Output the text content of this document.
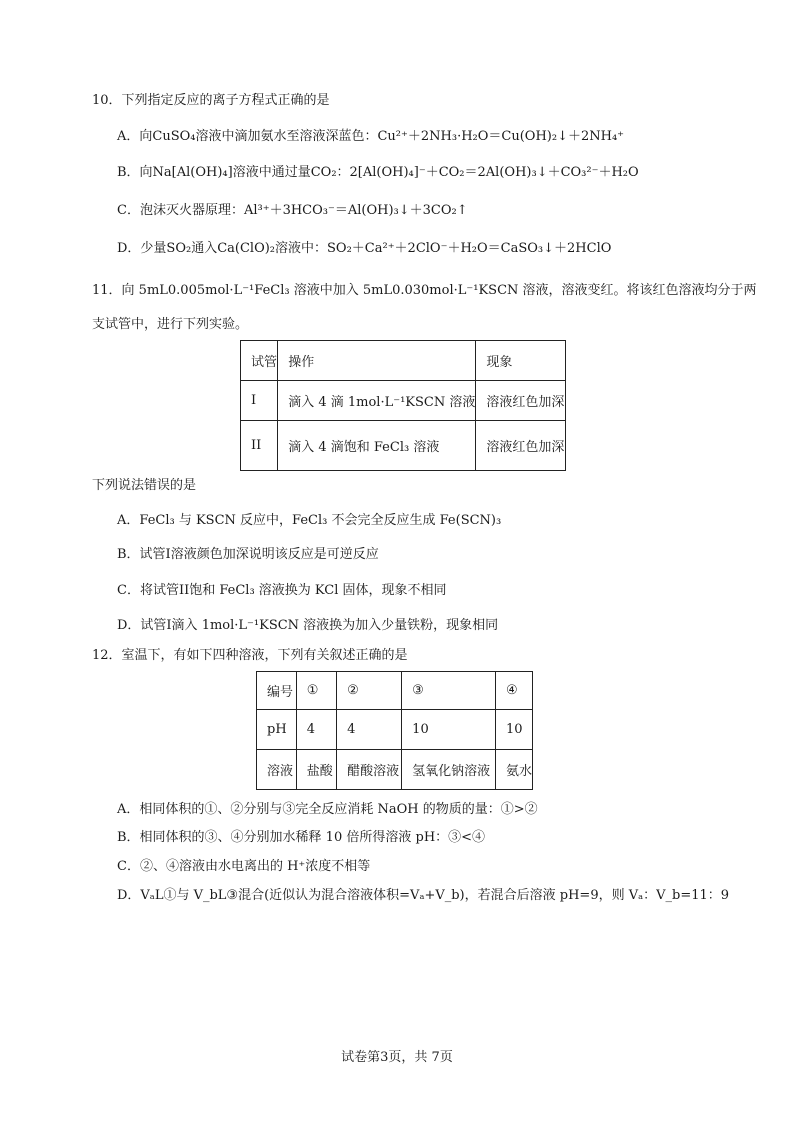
10．下列指定反应的离子方程式正确的是
A．向CuSO₄溶液中滴加氨水至溶液深蓝色：Cu²⁺＋2NH₃·H₂O＝Cu(OH)₂↓＋2NH₄⁺
B．向Na[Al(OH)₄]溶液中通过量CO₂：2[Al(OH)₄]⁻＋CO₂＝2Al(OH)₃↓＋CO₃²⁻＋H₂O
C．泡沫灭火器原理：Al³⁺＋3HCO₃⁻＝Al(OH)₃↓＋3CO₂↑
D．少量SO₂通入Ca(ClO)₂溶液中：SO₂＋Ca²⁺＋2ClO⁻＋H₂O＝CaSO₃↓＋2HClO
11．向 5mL0.005mol·L⁻¹FeCl₃ 溶液中加入 5mL0.030mol·L⁻¹KSCN 溶液，溶液变红。将该红色溶液均分于两
支试管中，进行下列实验。
试管	操作	现象
I	滴入 4 滴 1mol·L⁻¹KSCN 溶液	溶液红色加深
II	滴入 4 滴饱和 FeCl₃ 溶液	溶液红色加深
下列说法错误的是
A．FeCl₃ 与 KSCN 反应中，FeCl₃ 不会完全反应生成 Fe(SCN)₃
B．试管I溶液颜色加深说明该反应是可逆反应
C．将试管II饱和 FeCl₃ 溶液换为 KCl 固体，现象不相同
D．试管I滴入 1mol·L⁻¹KSCN 溶液换为加入少量铁粉，现象相同
12．室温下，有如下四种溶液，下列有关叙述正确的是
编号	①	②	③	④
pH	4	4	10	10
溶液	盐酸	醋酸溶液	氢氧化钠溶液	氨水
A．相同体积的①、②分别与③完全反应消耗 NaOH 的物质的量：①>②
B．相同体积的③、④分别加水稀释 10 倍所得溶液 pH：③<④
C．②、④溶液由水电离出的 H⁺浓度不相等
D．VₐL①与 V_bL③混合(近似认为混合溶液体积=Vₐ+V_b)，若混合后溶液 pH=9，则 Vₐ：V_b=11：9
试卷第3页，共 7页
